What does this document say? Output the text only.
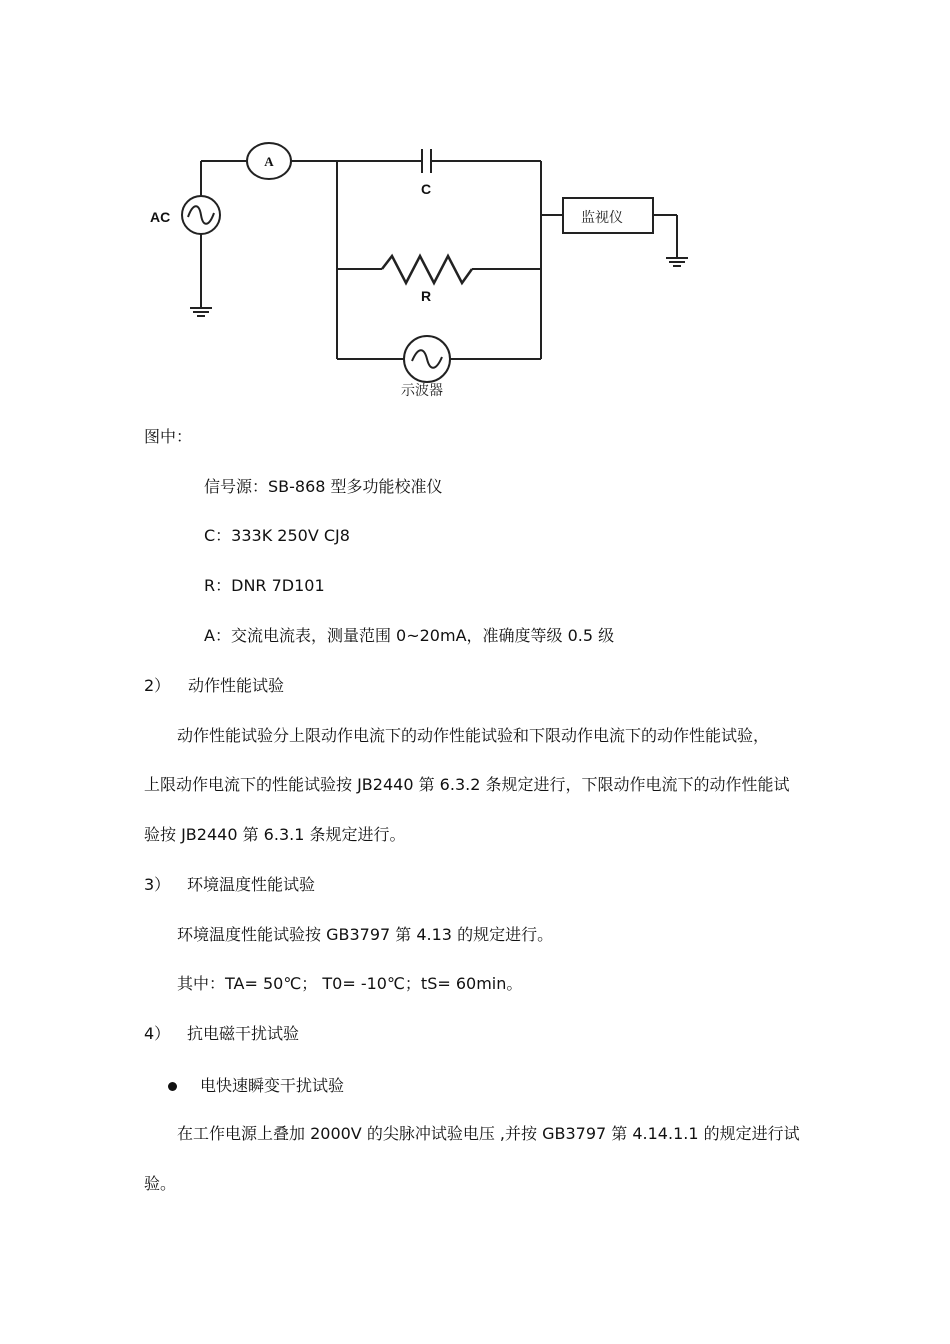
AC
A
C
R
示波器
监视仪
图中：
信号源：SB-868 型多功能校准仪
C：333K 250V CJ8
R：DNR 7D101
A：交流电流表，测量范围 0~20mA，准确度等级 0.5 级
2） 动作性能试验
动作性能试验分上限动作电流下的动作性能试验和下限动作电流下的动作性能试验，
上限动作电流下的性能试验按 JB2440 第 6.3.2 条规定进行，下限动作电流下的动作性能试
验按 JB2440 第 6.3.1 条规定进行。
3） 环境温度性能试验
环境温度性能试验按 GB3797 第 4.13 的规定进行。
其中：TA= 50℃； T0= -10℃；tS= 60min。
4） 抗电磁干扰试验
电快速瞬变干扰试验
在工作电源上叠加 2000V 的尖脉冲试验电压 ,并按 GB3797 第 4.14.1.1 的规定进行试
验。
